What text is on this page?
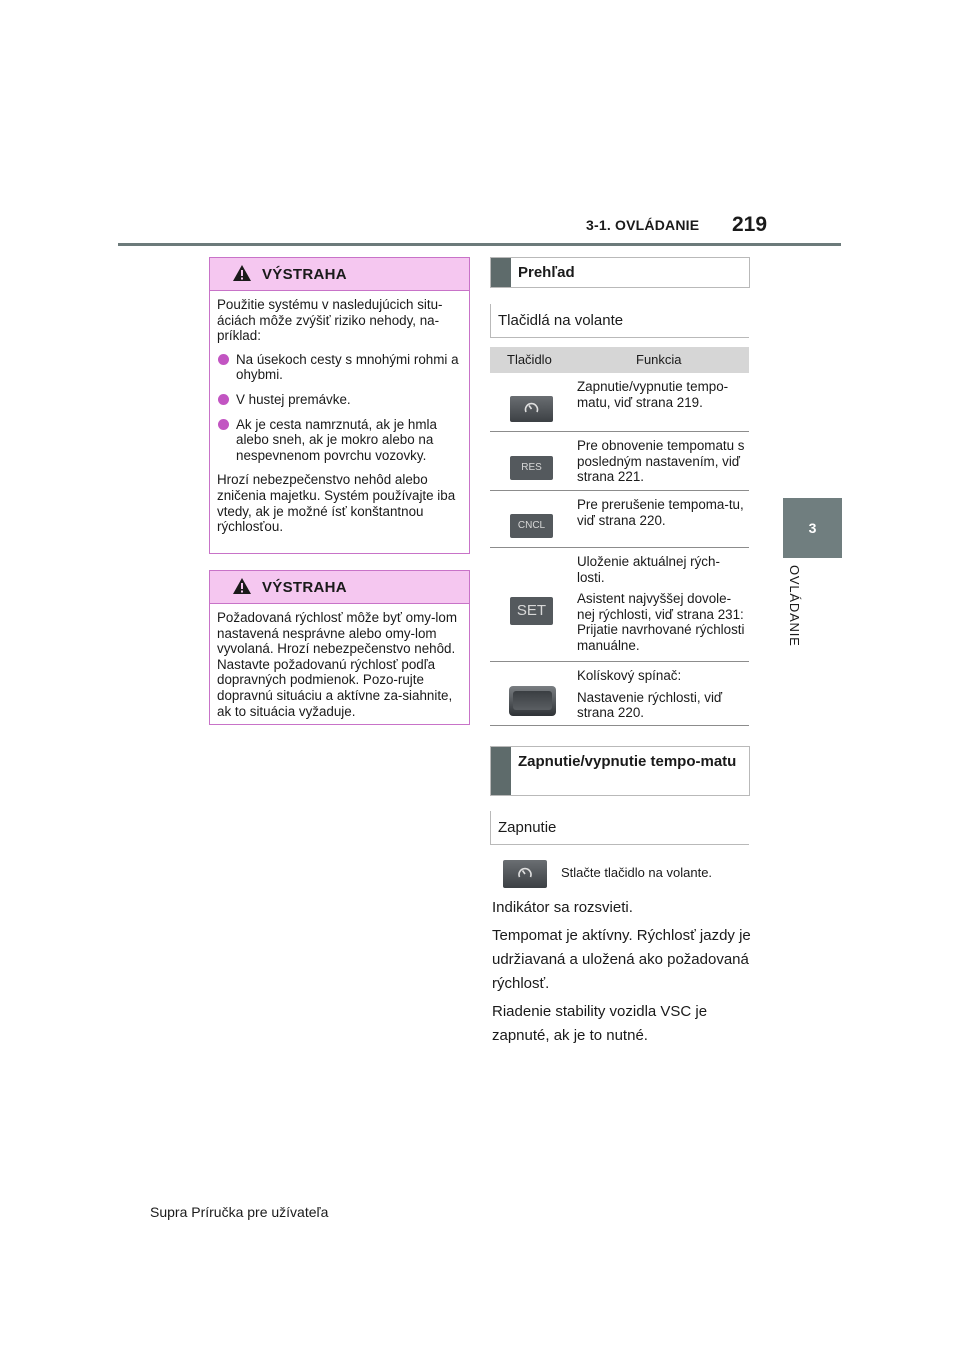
3-1. OVLÁDANIE 219
3
OVLÁDANIE
VÝSTRAHA

Použitie systému v nasledujúcich situ-áciách môže zvýšiť riziko nehody, na-príklad:

Na úsekoch cesty s mnohými rohmi a ohybmi.
V hustej premávke.
Ak je cesta namrznutá, ak je hmla alebo sneh, ak je mokro alebo na nespevnenom povrchu vozovky.

Hrozí nebezpečenstvo nehôd alebo zničenia majetku. Systém používajte iba vtedy, ak je možné ísť konštantnou rýchlosťou.

VÝSTRAHA

Požadovaná rýchlosť môže byť omy-lom nastavená nesprávne alebo omy-lom vyvolaná. Hrozí nebezpečenstvo nehôd. Nastavte požadovanú rýchlosť podľa dopravných podmienok. Pozo-rujte dopravnú situáciu a aktívne za-siahnite, ak to situácia vyžaduje.

Prehľad
Tlačidlá na volante
Tlačidlo	Funkcia

Zapnutie/vypnutie tempo-matu, viď strana 219.

RES

Pre obnovenie tempomatu s posledným nastavením, viď strana 221.

CNCL

Pre prerušenie tempoma-tu, viď strana 220.

SET

Uloženie aktuálnej rých-losti.

Asistent najvyššej dovole-nej rýchlosti, viď strana 231: Prijatie navrhované rýchlosti manuálne.

Kolískový spínač:

Nastavenie rýchlosti, viď strana 220.

Zapnutie/vypnutie tempo-matu
Zapnutie
Stlačte tlačidlo na volante.

Indikátor sa rozsvieti.

Tempomat je aktívny. Rýchlosť jazdy je udržiavaná a uložená ako požadovaná rýchlosť.

Riadenie stability vozidla VSC je zapnuté, ak je to nutné.

Supra Príručka pre užívateľa
